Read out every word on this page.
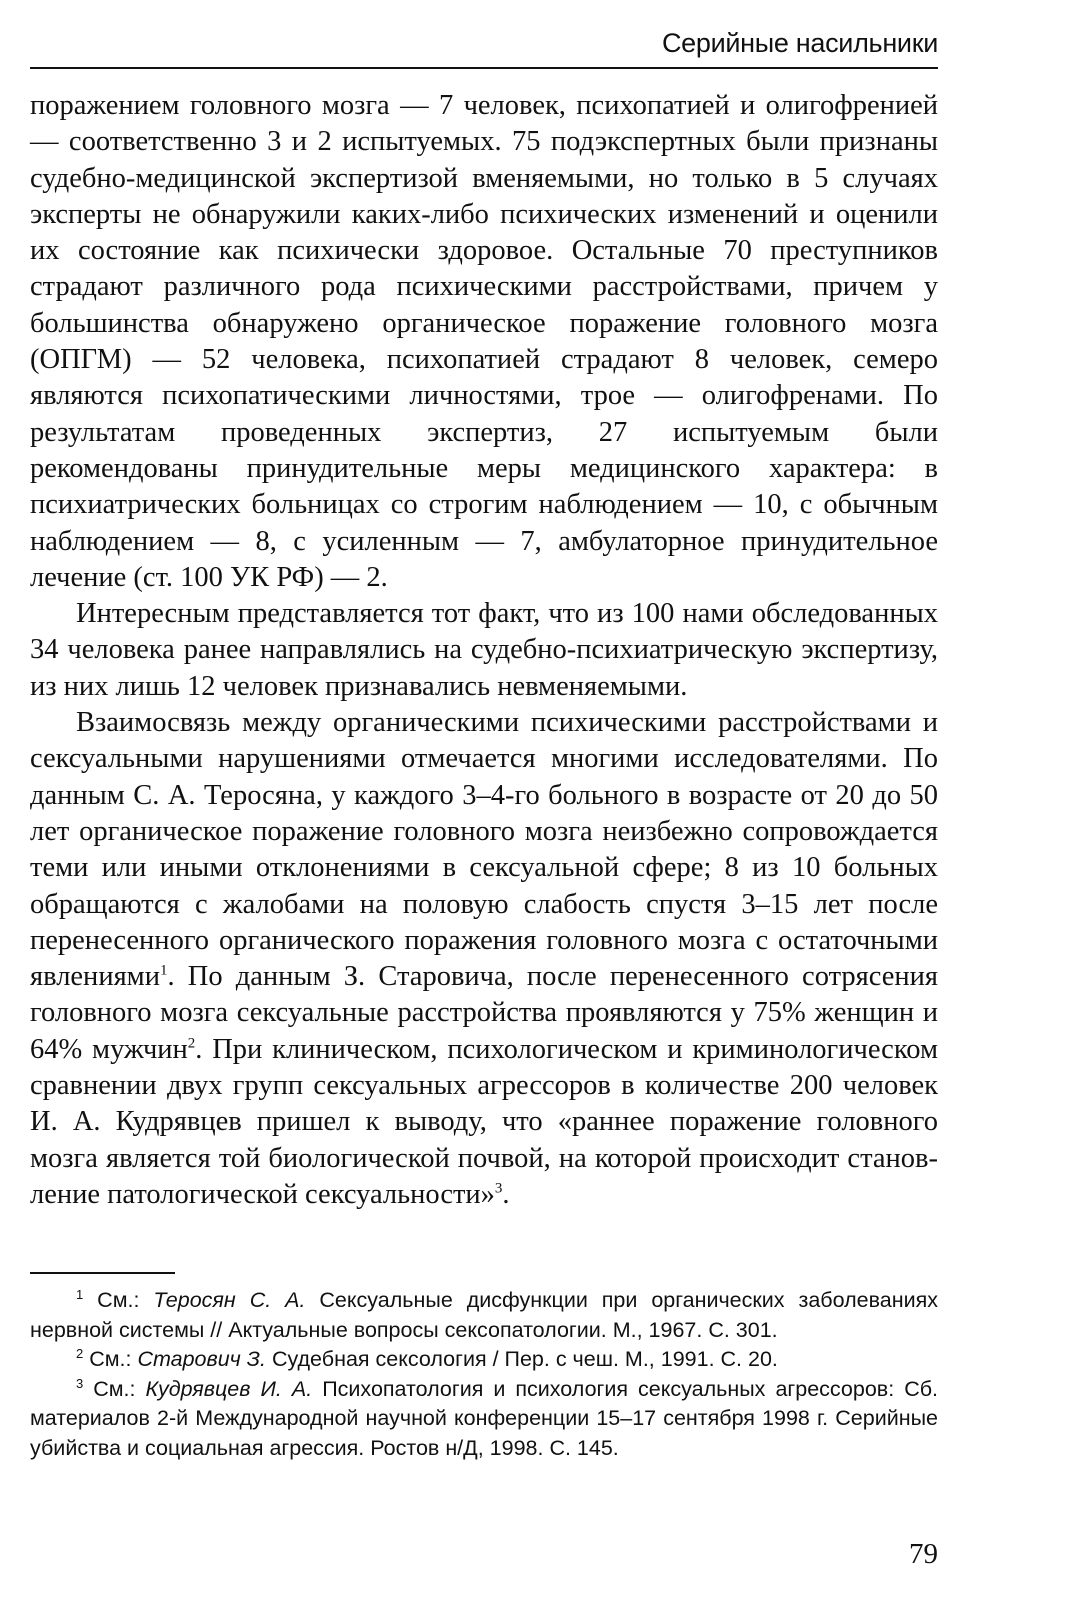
Серийные насильники

поражением головного мозга — 7 человек, психопатией и олигофренией — соответственно 3 и 2 испытуемых. 75 подэкспертных были признаны судебно-медицинской экспертизой вменяемыми, но только в 5 случаях эксперты не обнаружили каких-либо психических изменений и оценили их состояние как психически здоровое. Остальные 70 преступников страдают различного рода психическими расстройствами, причем у большинства обнаружено органическое поражение головного мозга (ОПГМ) — 52 человека, психопатией страдают 8 человек, семеро являются психопатическими личностями, трое — олигофренами. По результатам проведенных экспертиз, 27 испытуемым были рекомендованы принудительные меры медицинского характера: в психиатрических больницах со строгим наблюдением — 10, с обычным наблюдением — 8, с усиленным — 7, амбулаторное принудительное лечение (ст. 100 УК РФ) — 2.

Интересным представляется тот факт, что из 100 нами обследованных 34 человека ранее направлялись на судебно-психиатрическую экспертизу, из них лишь 12 человек признавались невменяемыми.

Взаимосвязь между органическими психическими расстройствами и сексуальными нарушениями отмечается многими исследователями. По данным С. А. Теросяна, у каждого 3–4-го больного в возрасте от 20 до 50 лет органическое поражение головного мозга неизбежно сопровождается теми или иными отклонениями в сексуальной сфере; 8 из 10 больных обращаются с жалобами на половую слабость спустя 3–15 лет после перенесенного органического поражения головного мозга с остаточными явлениями$^1$. По данным З. Старовича, после перенесенного сотрясения головного мозга сексуальные расстройства проявляются у 75% женщин и 64% мужчин$^2$. При клиническом, психологическом и криминологическом сравнении двух групп сексуальных агрессоров в количестве 200 человек И. А. Кудрявцев пришел к выводу, что «раннее поражение головного мозга является той биологической почвой, на которой происходит становление патологической сексуальности»$^3$.

$^1$ См.: Теросян С. А. Сексуальные дисфункции при органических заболеваниях нервной системы // Актуальные вопросы сексопатологии. М., 1967. С. 301.

$^2$ См.: Старович З. Судебная сексология / Пер. с чеш. М., 1991. С. 20.

$^3$ См.: Кудрявцев И. А. Психопатология и психология сексуальных агрессоров: Сб. материалов 2-й Международной научной конференции 15–17 сентября 1998 г. Серийные убийства и социальная агрессия. Ростов н/Д, 1998. С. 145.

79
